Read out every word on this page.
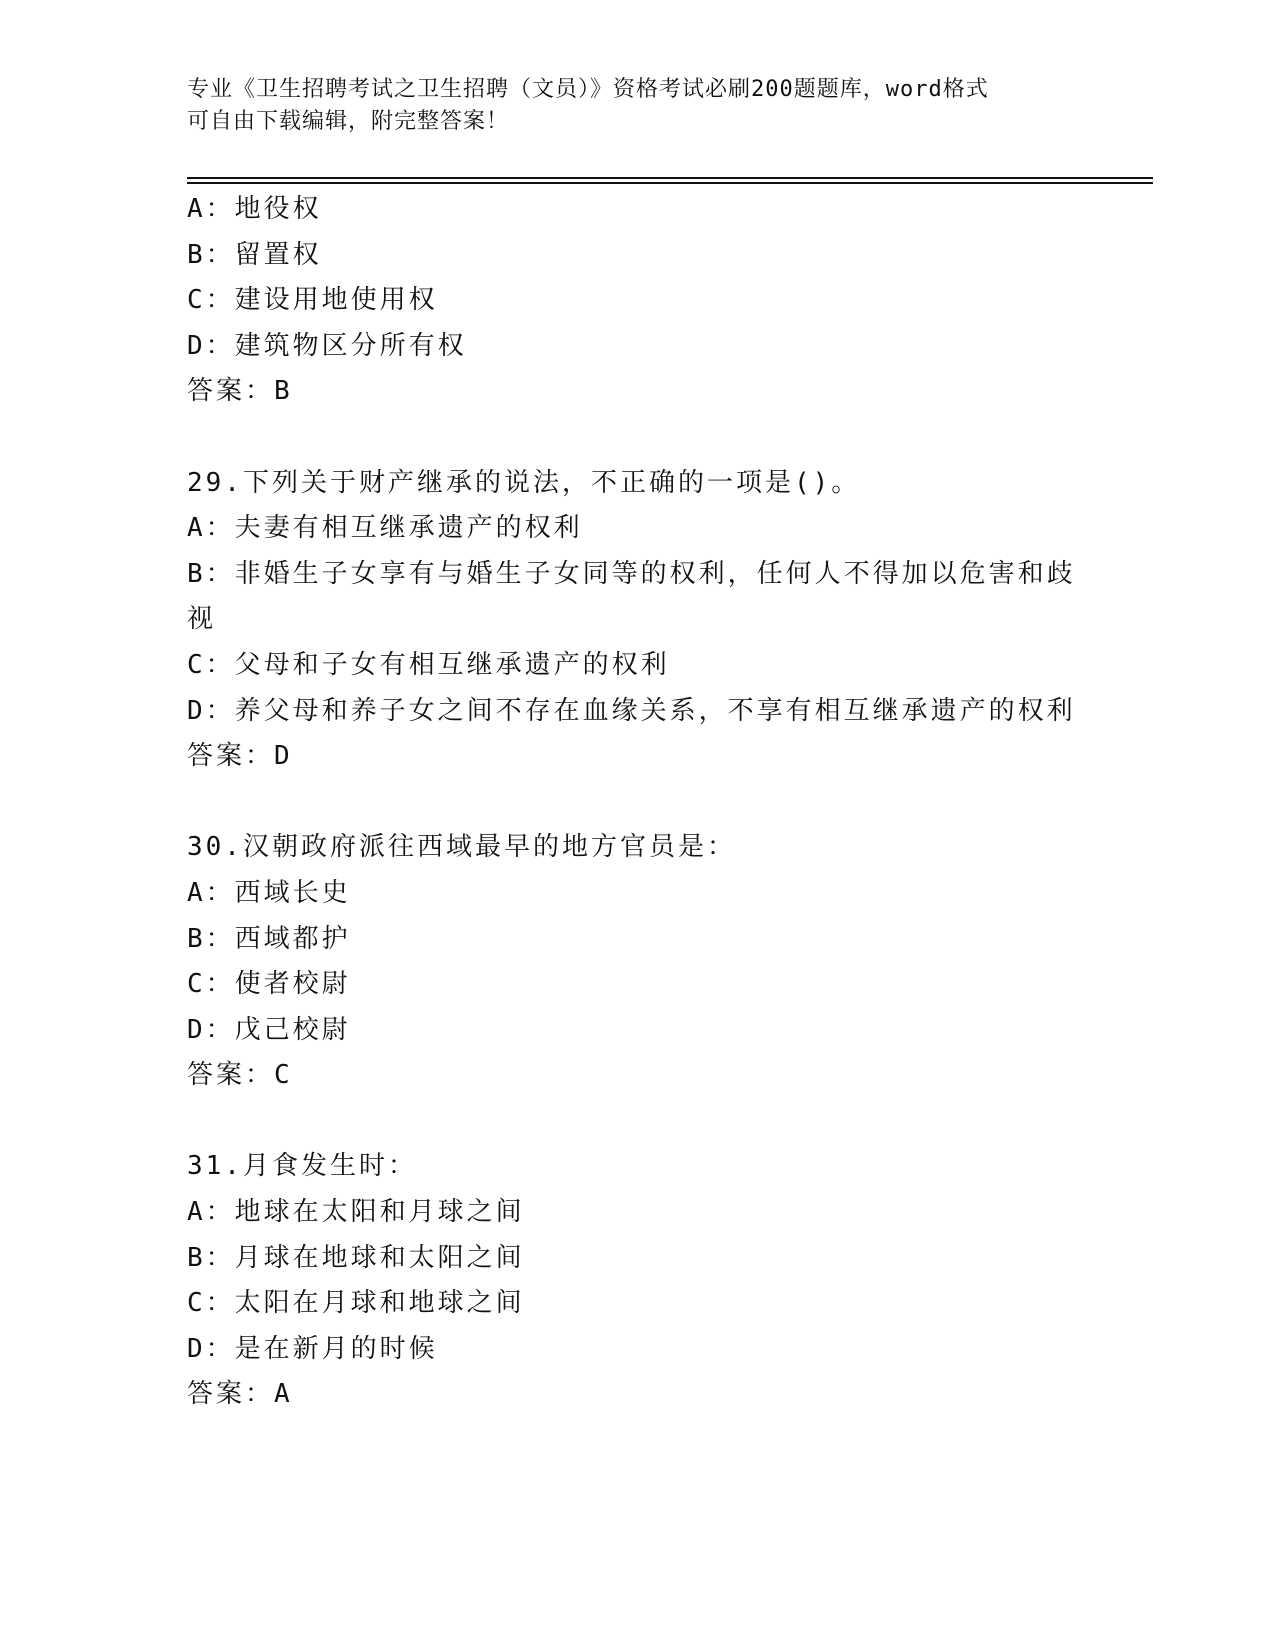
专业《卫生招聘考试之卫生招聘（文员）》资格考试必刷200题题库，word格式
可自由下载编辑，附完整答案！
A：地役权
B：留置权
C：建设用地使用权
D：建筑物区分所有权
答案：B
29.下列关于财产继承的说法，不正确的一项是()。
A：夫妻有相互继承遗产的权利
B：非婚生子女享有与婚生子女同等的权利，任何人不得加以危害和歧视
C：父母和子女有相互继承遗产的权利
D：养父母和养子女之间不存在血缘关系，不享有相互继承遗产的权利
答案：D
30.汉朝政府派往西域最早的地方官员是：
A：西域长史
B：西域都护
C：使者校尉
D：戊己校尉
答案：C
31.月食发生时：
A：地球在太阳和月球之间
B：月球在地球和太阳之间
C：太阳在月球和地球之间
D：是在新月的时候
答案：A
